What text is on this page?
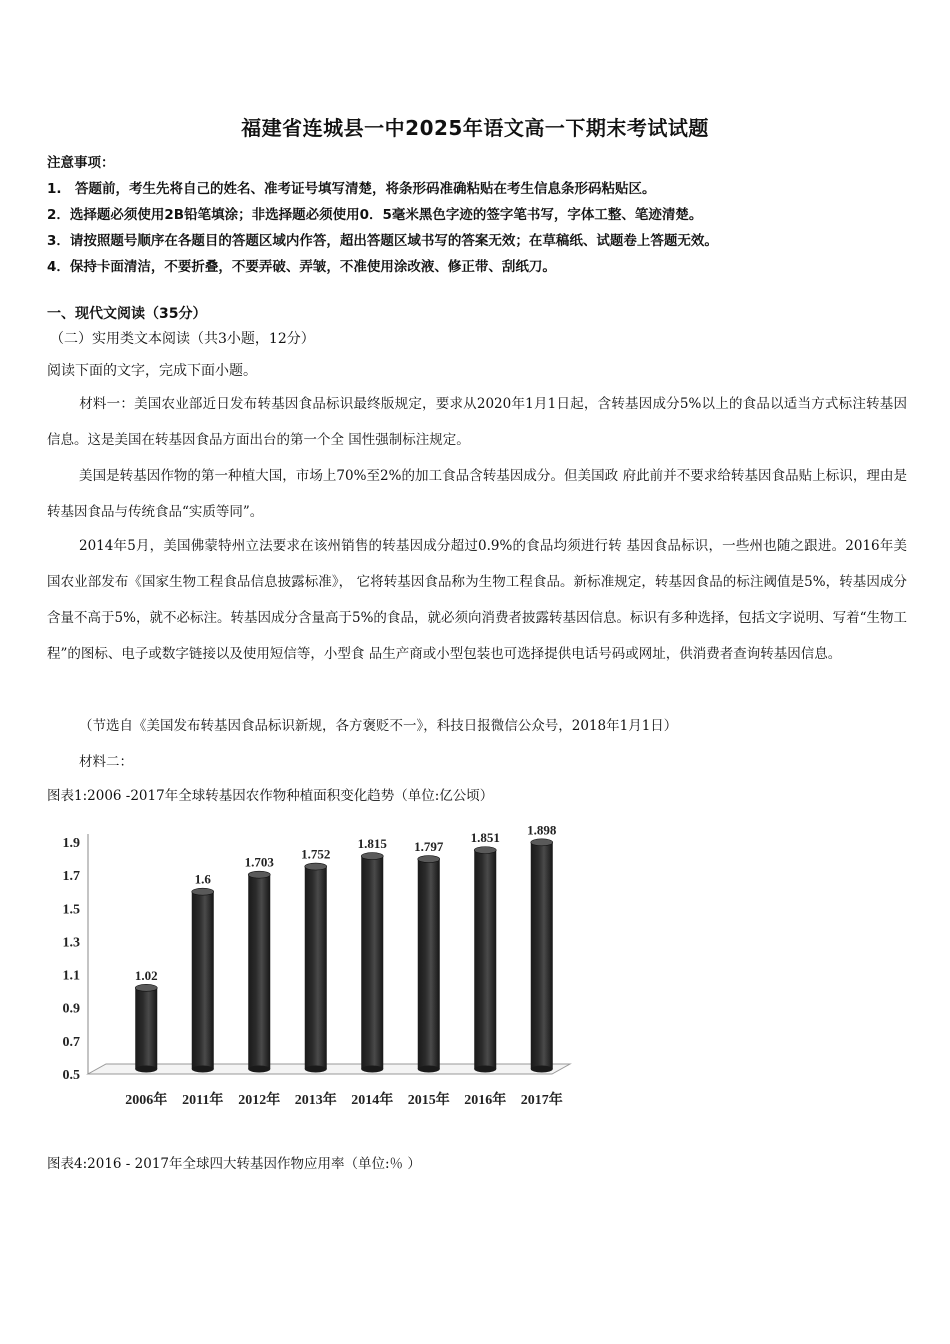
福建省连城县一中2025年语文高一下期末考试试题
注意事项：
1.　答题前，考生先将自己的姓名、准考证号填写清楚，将条形码准确粘贴在考生信息条形码粘贴区。
2．选择题必须使用2B铅笔填涂；非选择题必须使用0．5毫米黑色字迹的签字笔书写，字体工整、笔迹清楚。
3．请按照题号顺序在各题目的答题区域内作答，超出答题区域书写的答案无效；在草稿纸、试题卷上答题无效。
4．保持卡面清洁，不要折叠，不要弄破、弄皱，不准使用涂改液、修正带、刮纸刀。
一、现代文阅读（35分）
（二）实用类文本阅读（共3小题，12分）
阅读下面的文字，完成下面小题。
材料一：美国农业部近日发布转基因食品标识最终版规定，要求从2020年1月1日起，含转基因成分5%以上的食品以适当方式标注转基因信息。这是美国在转基因食品方面出台的第一个全 国性强制标注规定。
美国是转基因作物的第一种植大国，市场上70%至2%的加工食品含转基因成分。但美国政 府此前并不要求给转基因食品贴上标识，理由是转基因食品与传统食品“实质等同”。
2014年5月，美国佛蒙特州立法要求在该州销售的转基因成分超过0.9%的食品均须进行转 基因食品标识，一些州也随之跟进。2016年美国农业部发布《国家生物工程食品信息披露标准》， 它将转基因食品称为生物工程食品。新标准规定，转基因食品的标注阈值是5%，转基因成分含量不高于5%，就不必标注。转基因成分含量高于5%的食品，就必须向消费者披露转基因信息。标识有多种选择，包括文字说明、写着“生物工程”的图标、电子或数字链接以及使用短信等，小型食 品生产商或小型包装也可选择提供电话号码或网址，供消费者查询转基因信息。
（节选自《美国发布转基因食品标识新规，各方褒贬不一》，科技日报微信公众号，2018年1月1日）
材料二：
图表1:2006 -2017年全球转基因农作物种植面积变化趋势（单位:亿公顷）
1.9
1.7
1.5
1.3
1.1
0.9
0.7
0.5
1.02
2006年
1.6
2011年
1.703
2012年
1.752
2013年
1.815
2014年
1.797
2015年
1.851
2016年
1.898
2017年
图表4:2016 - 2017年全球四大转基因作物应用率（单位:％ ）
